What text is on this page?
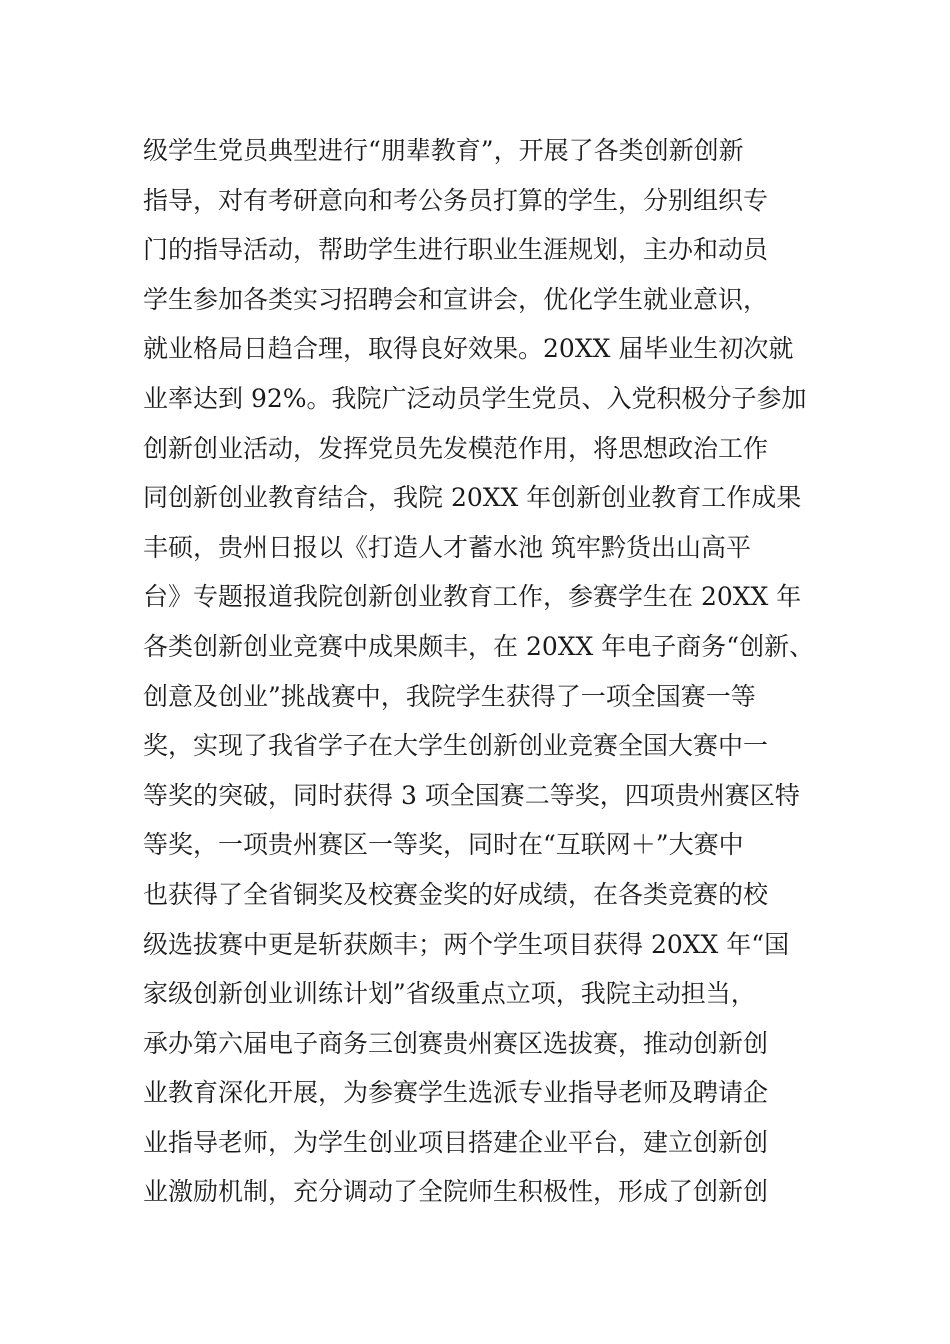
级学生党员典型进行“朋辈教育”，开展了各类创新创新
指导，对有考研意向和考公务员打算的学生，分别组织专
门的指导活动，帮助学生进行职业生涯规划，主办和动员
学生参加各类实习招聘会和宣讲会，优化学生就业意识，
就业格局日趋合理，取得良好效果。20XX 届毕业生初次就
业率达到 92%。我院广泛动员学生党员、入党积极分子参加
创新创业活动，发挥党员先发模范作用，将思想政治工作
同创新创业教育结合，我院 20XX 年创新创业教育工作成果
丰硕，贵州日报以《打造人才蓄水池 筑牢黔货出山高平
台》专题报道我院创新创业教育工作，参赛学生在 20XX 年
各类创新创业竞赛中成果颇丰，在 20XX 年电子商务“创新、
创意及创业”挑战赛中，我院学生获得了一项全国赛一等
奖，实现了我省学子在大学生创新创业竞赛全国大赛中一
等奖的突破，同时获得 3 项全国赛二等奖，四项贵州赛区特
等奖，一项贵州赛区一等奖，同时在“互联网＋”大赛中
也获得了全省铜奖及校赛金奖的好成绩，在各类竞赛的校
级选拔赛中更是斩获颇丰；两个学生项目获得 20XX 年“国
家级创新创业训练计划”省级重点立项，我院主动担当，
承办第六届电子商务三创赛贵州赛区选拔赛，推动创新创
业教育深化开展，为参赛学生选派专业指导老师及聘请企
业指导老师，为学生创业项目搭建企业平台，建立创新创
业激励机制，充分调动了全院师生积极性，形成了创新创
